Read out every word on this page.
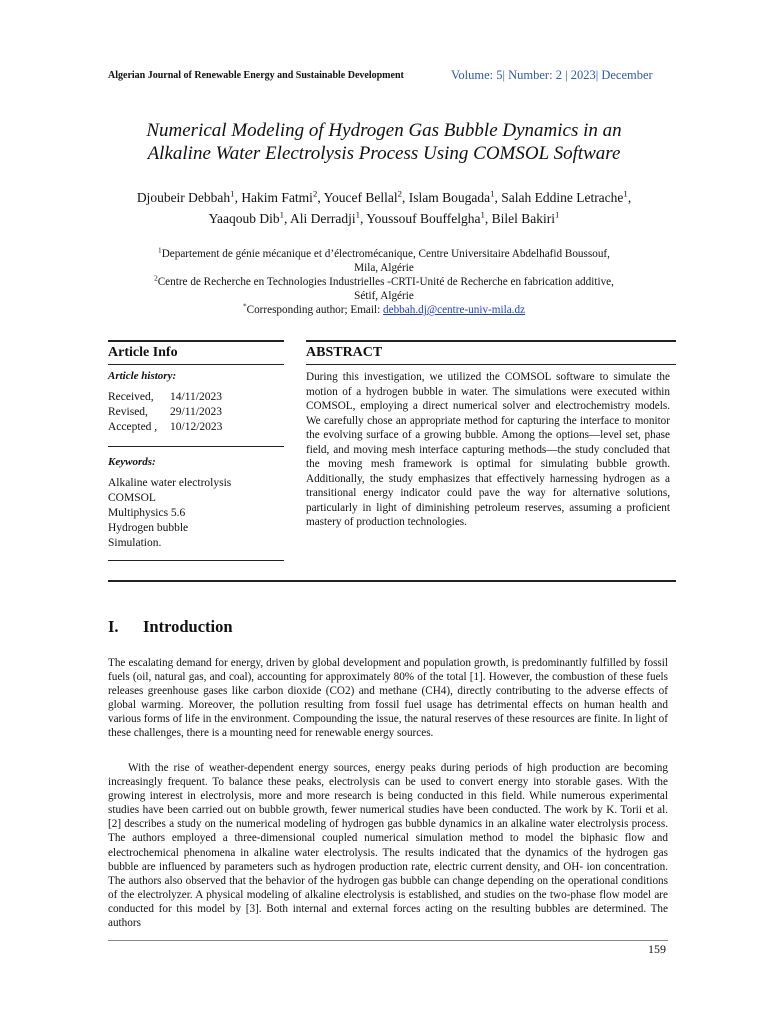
Algerian Journal of Renewable Energy and Sustainable Development	Volume: 5| Number: 2 | 2023| December
Numerical Modeling of Hydrogen Gas Bubble Dynamics in an
Alkaline Water Electrolysis Process Using COMSOL Software
Djoubeir Debbah$^1$, Hakim Fatmi$^2$, Youcef Bellal$^2$, Islam Bougada$^1$, Salah Eddine Letrache$^1$,
Yaaqoub Dib$^1$, Ali Derradji$^1$, Youssouf Bouffelgha$^1$, Bilel Bakiri$^1$
$^1$Departement de génie mécanique et d’électromécanique, Centre Universitaire Abdelhafid Boussouf,
Mila, Algérie
$^2$Centre de Recherche en Technologies Industrielles -CRTI-Unité de Recherche en fabrication additive,
Sétif, Algérie
*Corresponding author; Email: debbah.dj@centre-univ-mila.dz
Article Info
Article history:
Received,	14/11/2023
Revised,	29/11/2023
Accepted ,	10/12/2023
Keywords:
Alkaline water electrolysis
COMSOL
Multiphysics 5.6
Hydrogen bubble
Simulation.
ABSTRACT
During this investigation, we utilized the COMSOL software to simulate the motion of a hydrogen bubble in water. The simulations were executed within COMSOL, employing a direct numerical solver and electrochemistry models. We carefully chose an appropriate method for capturing the interface to monitor the evolving surface of a growing bubble. Among the options—level set, phase field, and moving mesh interface capturing methods—the study concluded that the moving mesh framework is optimal for simulating bubble growth. Additionally, the study emphasizes that effectively harnessing hydrogen as a transitional energy indicator could pave the way for alternative solutions, particularly in light of diminishing petroleum reserves, assuming a proficient mastery of production technologies.
I. Introduction
The escalating demand for energy, driven by global development and population growth, is predominantly fulfilled by fossil fuels (oil, natural gas, and coal), accounting for approximately 80% of the total [1]. However, the combustion of these fuels releases greenhouse gases like carbon dioxide (CO2) and methane (CH4), directly contributing to the adverse effects of global warming. Moreover, the pollution resulting from fossil fuel usage has detrimental effects on human health and various forms of life in the environment. Compounding the issue, the natural reserves of these resources are finite. In light of these challenges, there is a mounting need for renewable energy sources.
With the rise of weather-dependent energy sources, energy peaks during periods of high production are becoming increasingly frequent. To balance these peaks, electrolysis can be used to convert energy into storable gases. With the growing interest in electrolysis, more and more research is being conducted in this field. While numerous experimental studies have been carried out on bubble growth, fewer numerical studies have been conducted. The work by K. Torii et al. [2] describes a study on the numerical modeling of hydrogen gas bubble dynamics in an alkaline water electrolysis process. The authors employed a three-dimensional coupled numerical simulation method to model the biphasic flow and electrochemical phenomena in alkaline water electrolysis. The results indicated that the dynamics of the hydrogen gas bubble are influenced by parameters such as hydrogen production rate, electric current density, and OH- ion concentration. The authors also observed that the behavior of the hydrogen gas bubble can change depending on the operational conditions of the electrolyzer. A physical modeling of alkaline electrolysis is established, and studies on the two-phase flow model are conducted for this model by [3]. Both internal and external forces acting on the resulting bubbles are determined. The authors
159
